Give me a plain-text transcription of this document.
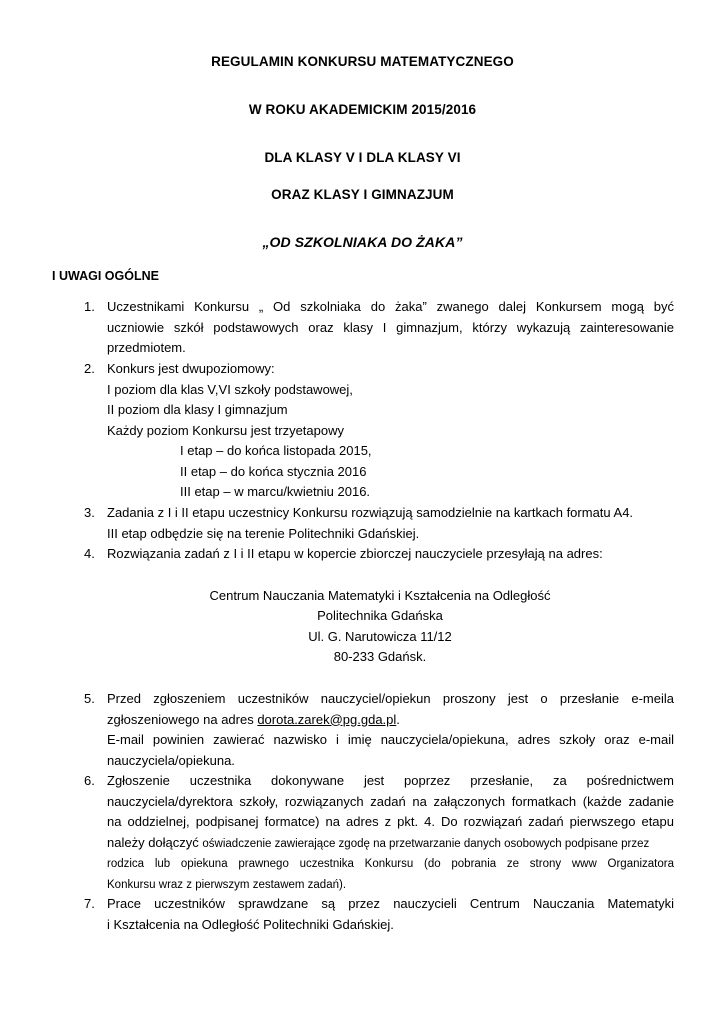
REGULAMIN KONKURSU MATEMATYCZNEGO
W ROKU AKADEMICKIM 2015/2016
DLA KLASY V I DLA KLASY VI
ORAZ KLASY I GIMNAZJUM
„OD SZKOLNIAKA DO ŻAKA”
I UWAGI OGÓLNE
1. Uczestnikami Konkursu „ Od szkolniaka do żaka” zwanego dalej Konkursem mogą być
uczniowie szkół podstawowych oraz klasy I gimnazjum, którzy wykazują zainteresowanie
przedmiotem.
2. Konkurs jest dwupoziomowy:
I poziom dla klas V,VI szkoły podstawowej,
II poziom dla klasy I gimnazjum
Każdy poziom Konkursu jest trzyetapowy
I etap – do końca listopada 2015,
II etap – do końca stycznia 2016
III etap – w marcu/kwietniu 2016.
3. Zadania z I i II etapu uczestnicy Konkursu rozwiązują samodzielnie na kartkach formatu A4.
III etap odbędzie się na terenie Politechniki Gdańskiej.
4. Rozwiązania zadań z I i II etapu w kopercie zbiorczej nauczyciele przesyłają na adres:
Centrum Nauczania Matematyki i Kształcenia na Odległość
Politechnika Gdańska
Ul. G. Narutowicza 11/12
80-233 Gdańsk.
5. Przed zgłoszeniem uczestników nauczyciel/opiekun proszony jest o przesłanie e-meila
zgłoszeniowego na adres dorota.zarek@pg.gda.pl.
E-mail powinien zawierać nazwisko i imię nauczyciela/opiekuna, adres szkoły oraz e-mail
nauczyciela/opiekuna.
6. Zgłoszenie uczestnika dokonywane jest poprzez przesłanie, za pośrednictwem
nauczyciela/dyrektora szkoły, rozwiązanych zadań na załączonych formatkach (każde zadanie
na oddzielnej, podpisanej formatce) na adres z pkt. 4. Do rozwiązań zadań pierwszego etapu
należy dołączyć oświadczenie zawierające zgodę na przetwarzanie danych osobowych podpisane przez
rodzica lub opiekuna prawnego uczestnika Konkursu (do pobrania ze strony www Organizatora
Konkursu wraz z pierwszym zestawem zadań).
7. Prace uczestników sprawdzane są przez nauczycieli Centrum Nauczania Matematyki
i Kształcenia na Odległość Politechniki Gdańskiej.
